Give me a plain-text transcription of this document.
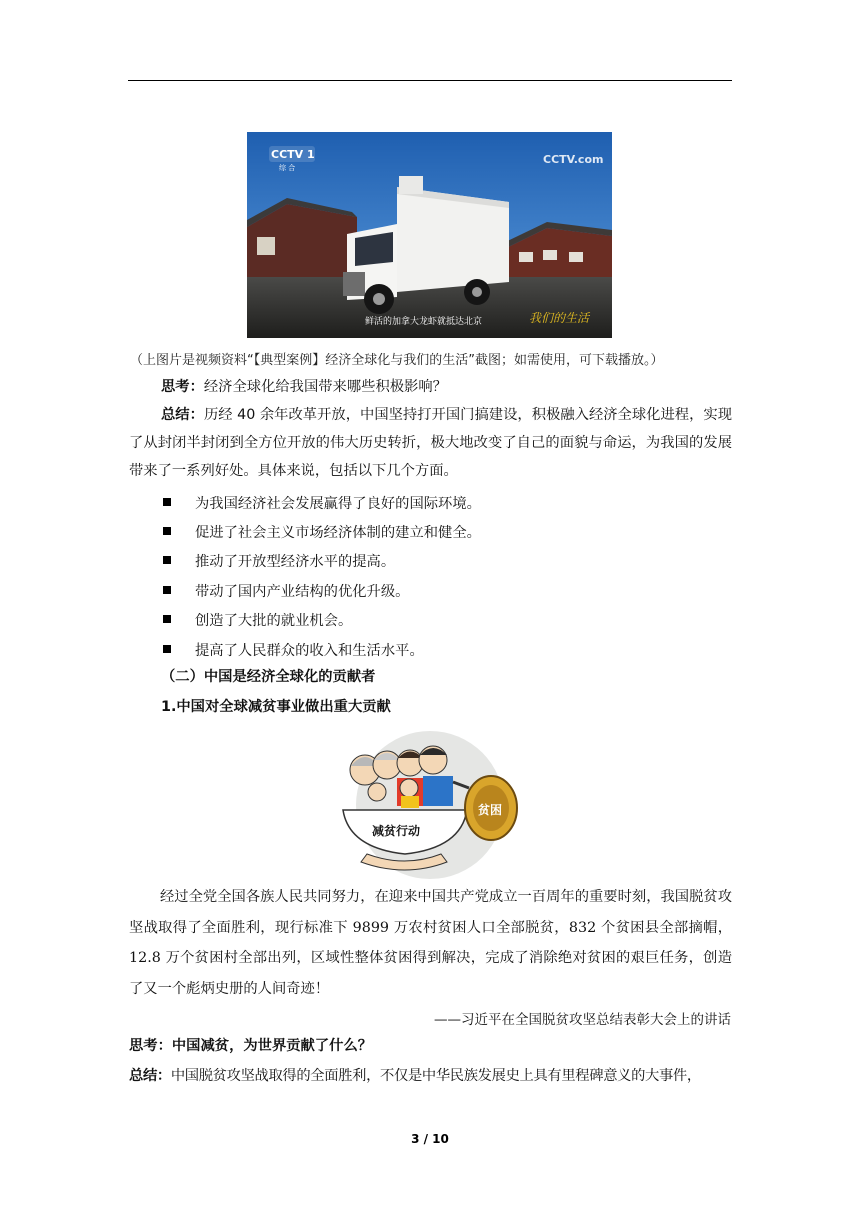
CCTV 1
综 合
CCTV.com
鲜活的加拿大龙虾就抵达北京	我们的生活
（上图片是视频资料“【典型案例】经济全球化与我们的生活”截图；如需使用，可下载播放。）
思考：经济全球化给我国带来哪些积极影响？
总结：历经 40 余年改革开放，中国坚持打开国门搞建设，积极融入经济全球化进程，实现了从封闭半封闭到全方位开放的伟大历史转折，极大地改变了自己的面貌与命运，为我国的发展带来了一系列好处。具体来说，包括以下几个方面。
为我国经济社会发展赢得了良好的国际环境。
促进了社会主义市场经济体制的建立和健全。
推动了开放型经济水平的提高。
带动了国内产业结构的优化升级。
创造了大批的就业机会。
提高了人民群众的收入和生活水平。
（二）中国是经济全球化的贡献者
1.中国对全球减贫事业做出重大贡献
减贫行动
贫困
经过全党全国各族人民共同努力，在迎来中国共产党成立一百周年的重要时刻，我国脱贫攻坚战取得了全面胜利，现行标准下 9899 万农村贫困人口全部脱贫，832 个贫困县全部摘帽，12.8 万个贫困村全部出列，区域性整体贫困得到解决，完成了消除绝对贫困的艰巨任务，创造了又一个彪炳史册的人间奇迹！
——习近平在全国脱贫攻坚总结表彰大会上的讲话
思考：中国减贫，为世界贡献了什么？
总结：中国脱贫攻坚战取得的全面胜利，不仅是中华民族发展史上具有里程碑意义的大事件，
3 / 10
